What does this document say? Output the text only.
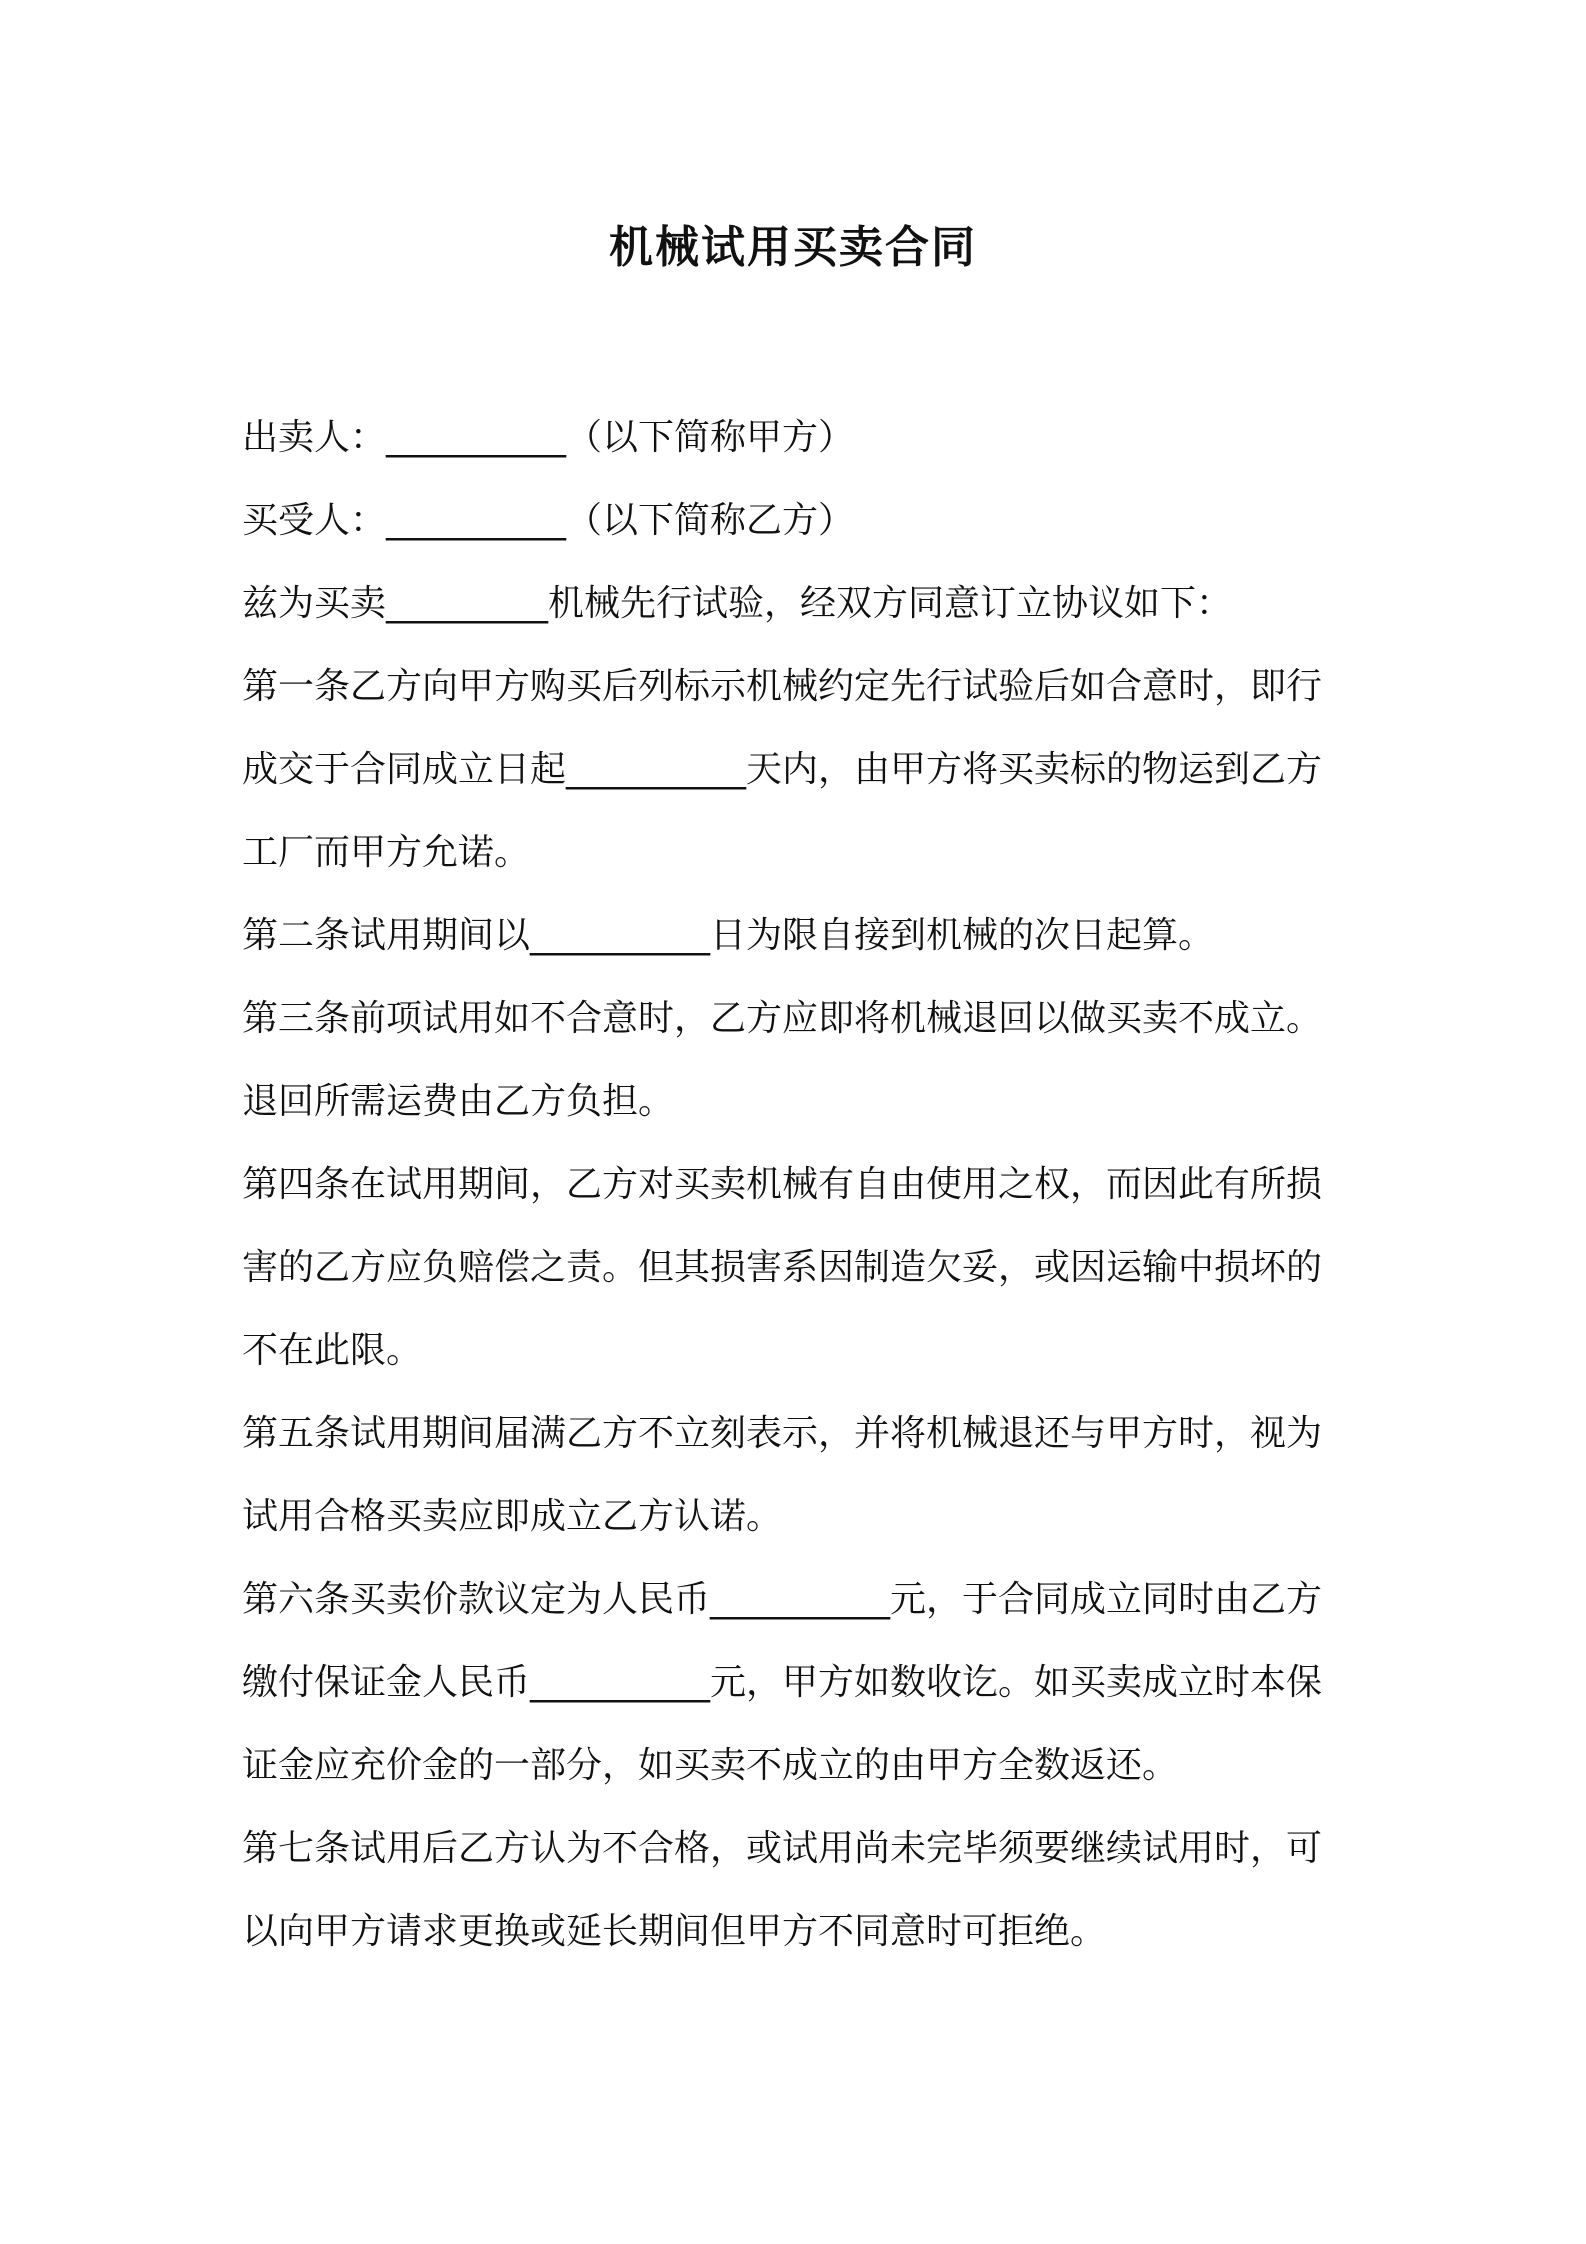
机械试用买卖合同

出卖人：__________（以下简称甲方）

买受人：__________（以下简称乙方）

兹为买卖_________机械先行试验，经双方同意订立协议如下：

第一条乙方向甲方购买后列标示机械约定先行试验后如合意时，即行

成交于合同成立日起__________天内，由甲方将买卖标的物运到乙方

工厂而甲方允诺。

第二条试用期间以__________日为限自接到机械的次日起算。

第三条前项试用如不合意时，乙方应即将机械退回以做买卖不成立。

退回所需运费由乙方负担。

第四条在试用期间，乙方对买卖机械有自由使用之权，而因此有所损

害的乙方应负赔偿之责。但其损害系因制造欠妥，或因运输中损坏的

不在此限。

第五条试用期间届满乙方不立刻表示，并将机械退还与甲方时，视为

试用合格买卖应即成立乙方认诺。

第六条买卖价款议定为人民币__________元，于合同成立同时由乙方

缴付保证金人民币__________元，甲方如数收讫。如买卖成立时本保

证金应充价金的一部分，如买卖不成立的由甲方全数返还。

第七条试用后乙方认为不合格，或试用尚未完毕须要继续试用时，可

以向甲方请求更换或延长期间但甲方不同意时可拒绝。
